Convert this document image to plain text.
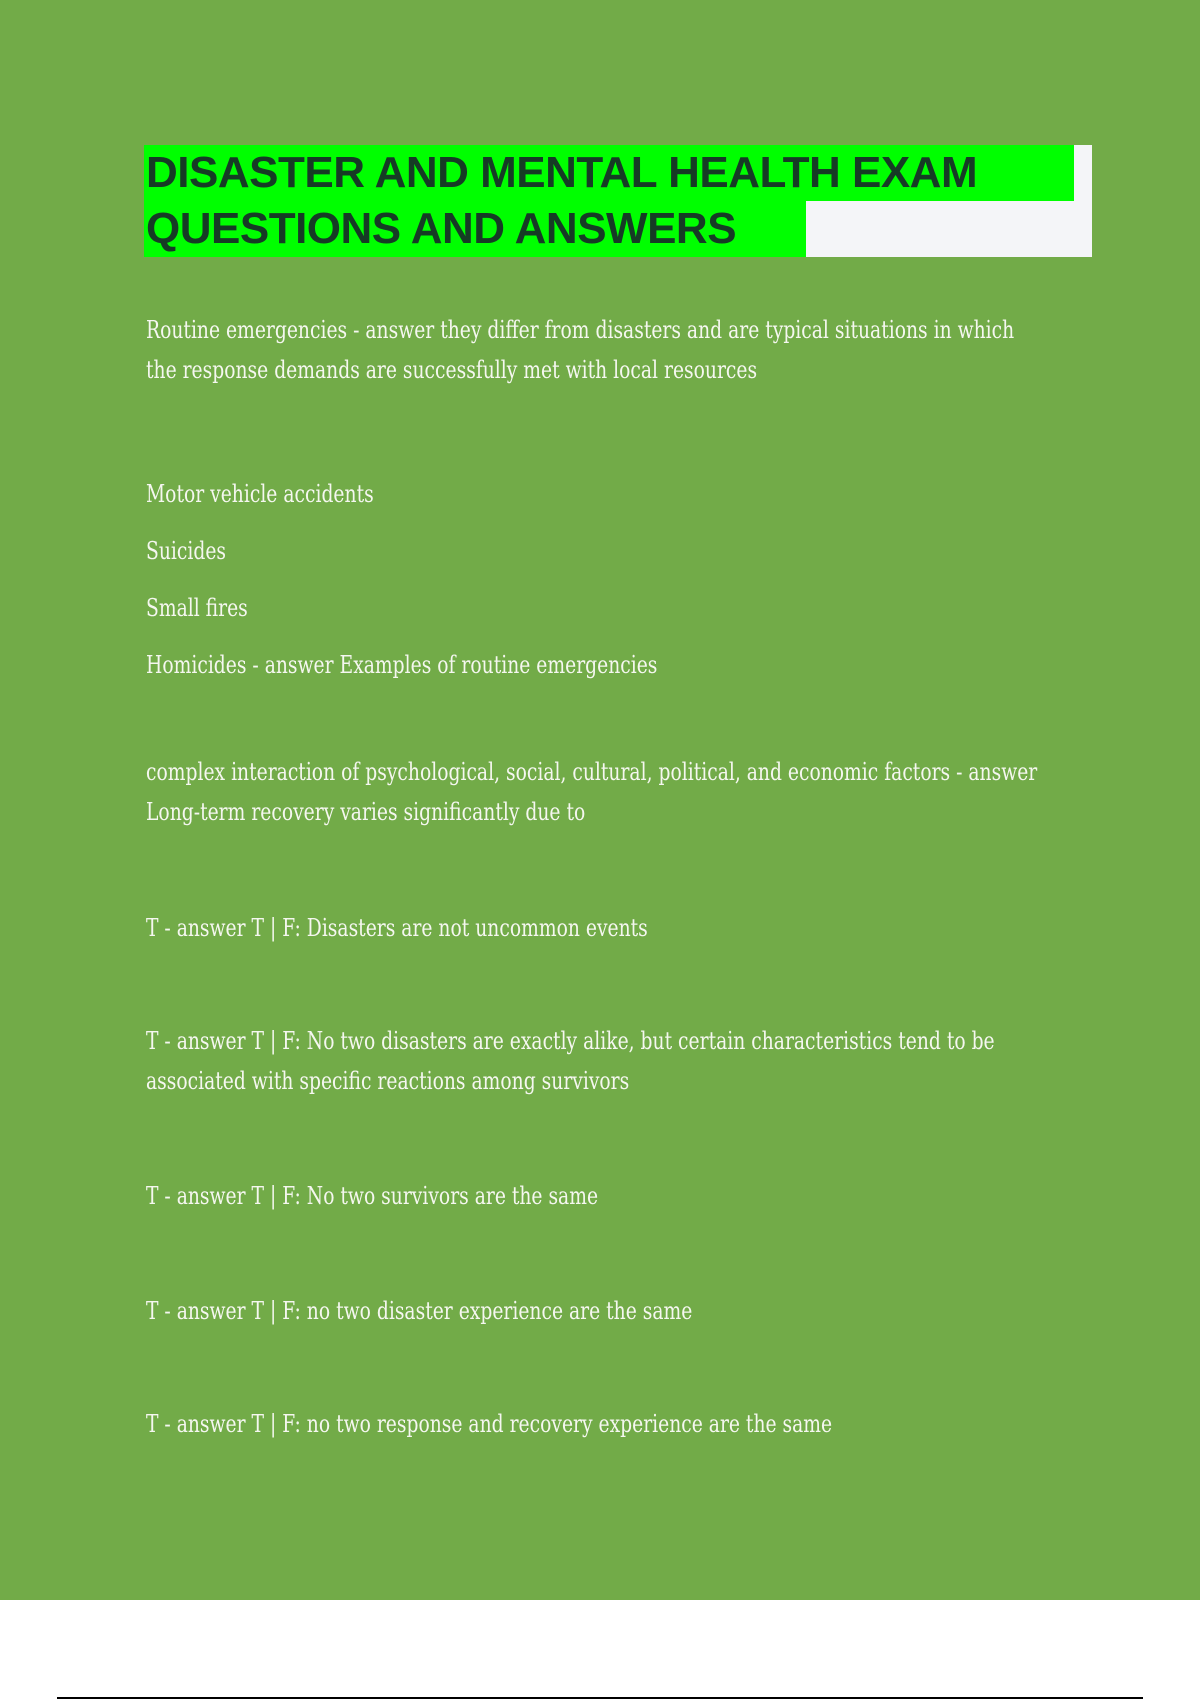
DISASTER AND MENTAL HEALTH EXAM QUESTIONS AND ANSWERS

Routine emergencies - answer they differ from disasters and are typical situations in which the response demands are successfully met with local resources

Motor vehicle accidents

Suicides

Small fires

Homicides - answer Examples of routine emergencies

complex interaction of psychological, social, cultural, political, and economic factors - answer Long-term recovery varies significantly due to

T - answer T | F: Disasters are not uncommon events

T - answer T | F: No two disasters are exactly alike, but certain characteristics tend to be associated with specific reactions among survivors

T - answer T | F: No two survivors are the same

T - answer T | F: no two disaster experience are the same

T - answer T | F: no two response and recovery experience are the same
